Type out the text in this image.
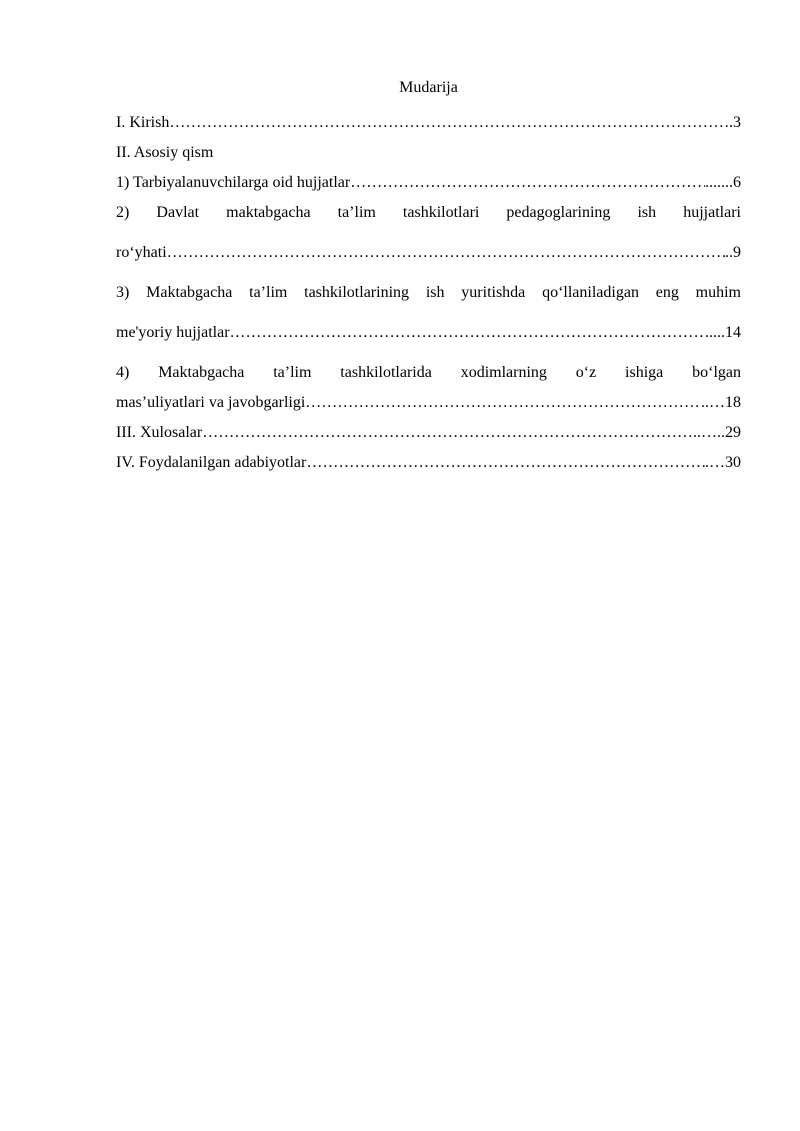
Mudarija
I. Kirish ……………………………………………………………………………………………………………………………………………………	.3
II. Asosiy qism
1) Tarbiyalanuvchilarga oid hujjatlar ……………………………………………………………………………………………………………………………………………………	.......6
2) Davlat maktabgacha ta’lim tashkilotlari pedagoglarining ish hujjatlari
roʻyhati ……………………………………………………………………………………………………………………………………………………	..9
3) Maktabgacha ta’lim tashkilotlarining ish yuritishda qo‘llaniladigan eng muhim
me'yoriy hujjatlar ……………………………………………………………………………………………………………………………………………………	.....14
4) Maktabgacha ta’lim tashkilotlarida xodimlarning o‘z ishiga bo‘lgan
mas’uliyatlari va javobgarligi ……………………………………………………………………………………………………………………………………………………	..…18
III. Xulosalar ……………………………………………………………………………………………………………………………………………………	..…..29
IV. Foydalanilgan adabiyotlar ……………………………………………………………………………………………………………………………………………………	.…30
